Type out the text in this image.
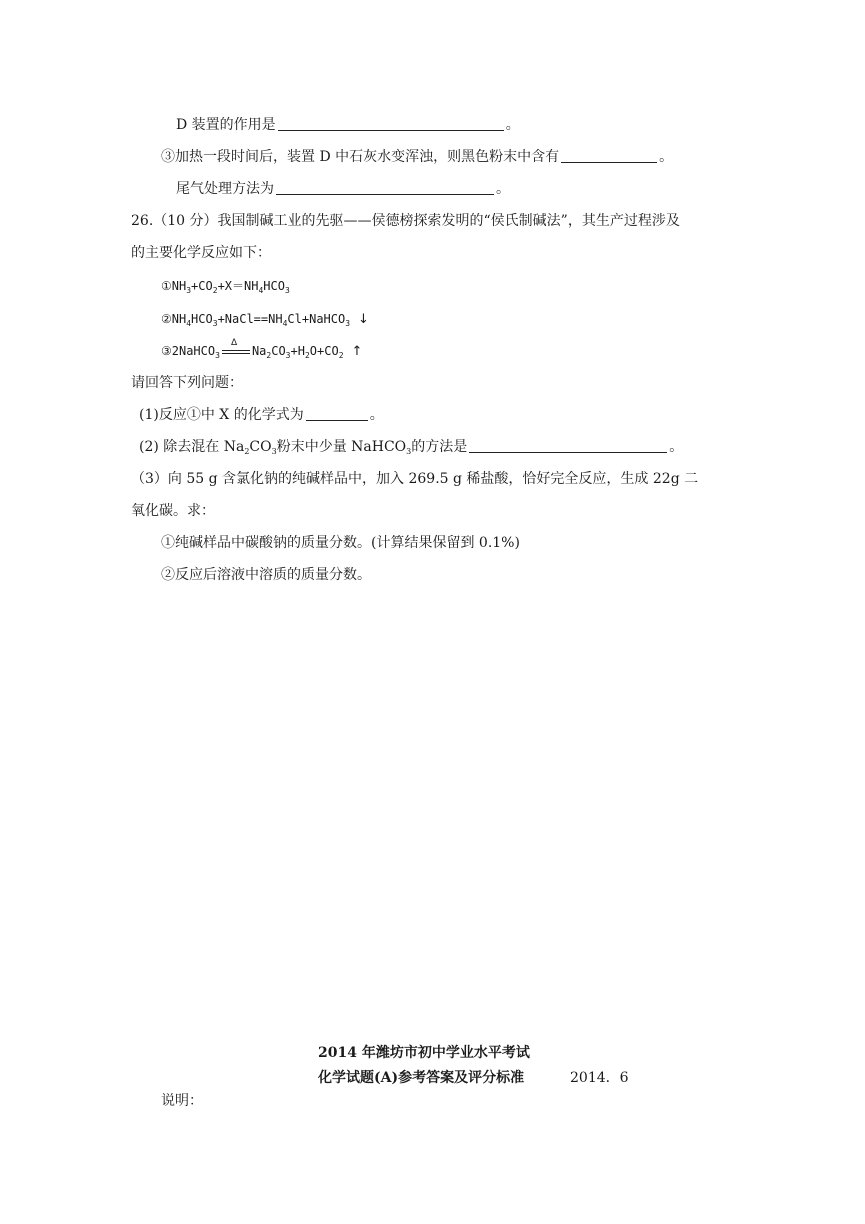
D 装置的作用是	。
③加热一段时间后，装置 D 中石灰水变浑浊，则黑色粉末中含有	。
尾气处理方法为	。
26.（10 分）我国制碱工业的先驱——侯德榜探索发明的“侯氏制碱法”，其生产过程涉及
的主要化学反应如下：
$①NH_3+CO_2+X=NH_4HCO_3$
$②NH_4HCO_3+NaCl==NH_4Cl+NaHCO_3$ ↓
③2NaHCO$_3$
Δ
$Na_2CO_3+H_2O+CO_2$ ↑
请回答下列问题：
(1)反应①中 X 的化学式为	。
(2) 除去混在 $Na_2CO_3$粉末中少量 NaHCO$_3$的方法是	。
（3）向 55 g 含氯化钠的纯碱样品中，加入 269.5 g 稀盐酸，恰好完全反应，生成 22g 二
氧化碳。求：
①纯碱样品中碳酸钠的质量分数。(计算结果保留到 0.1%)
②反应后溶液中溶质的质量分数。
2014 年潍坊市初中学业水平考试
化学试题(A)参考答案及评分标准	2014．6
说明：
